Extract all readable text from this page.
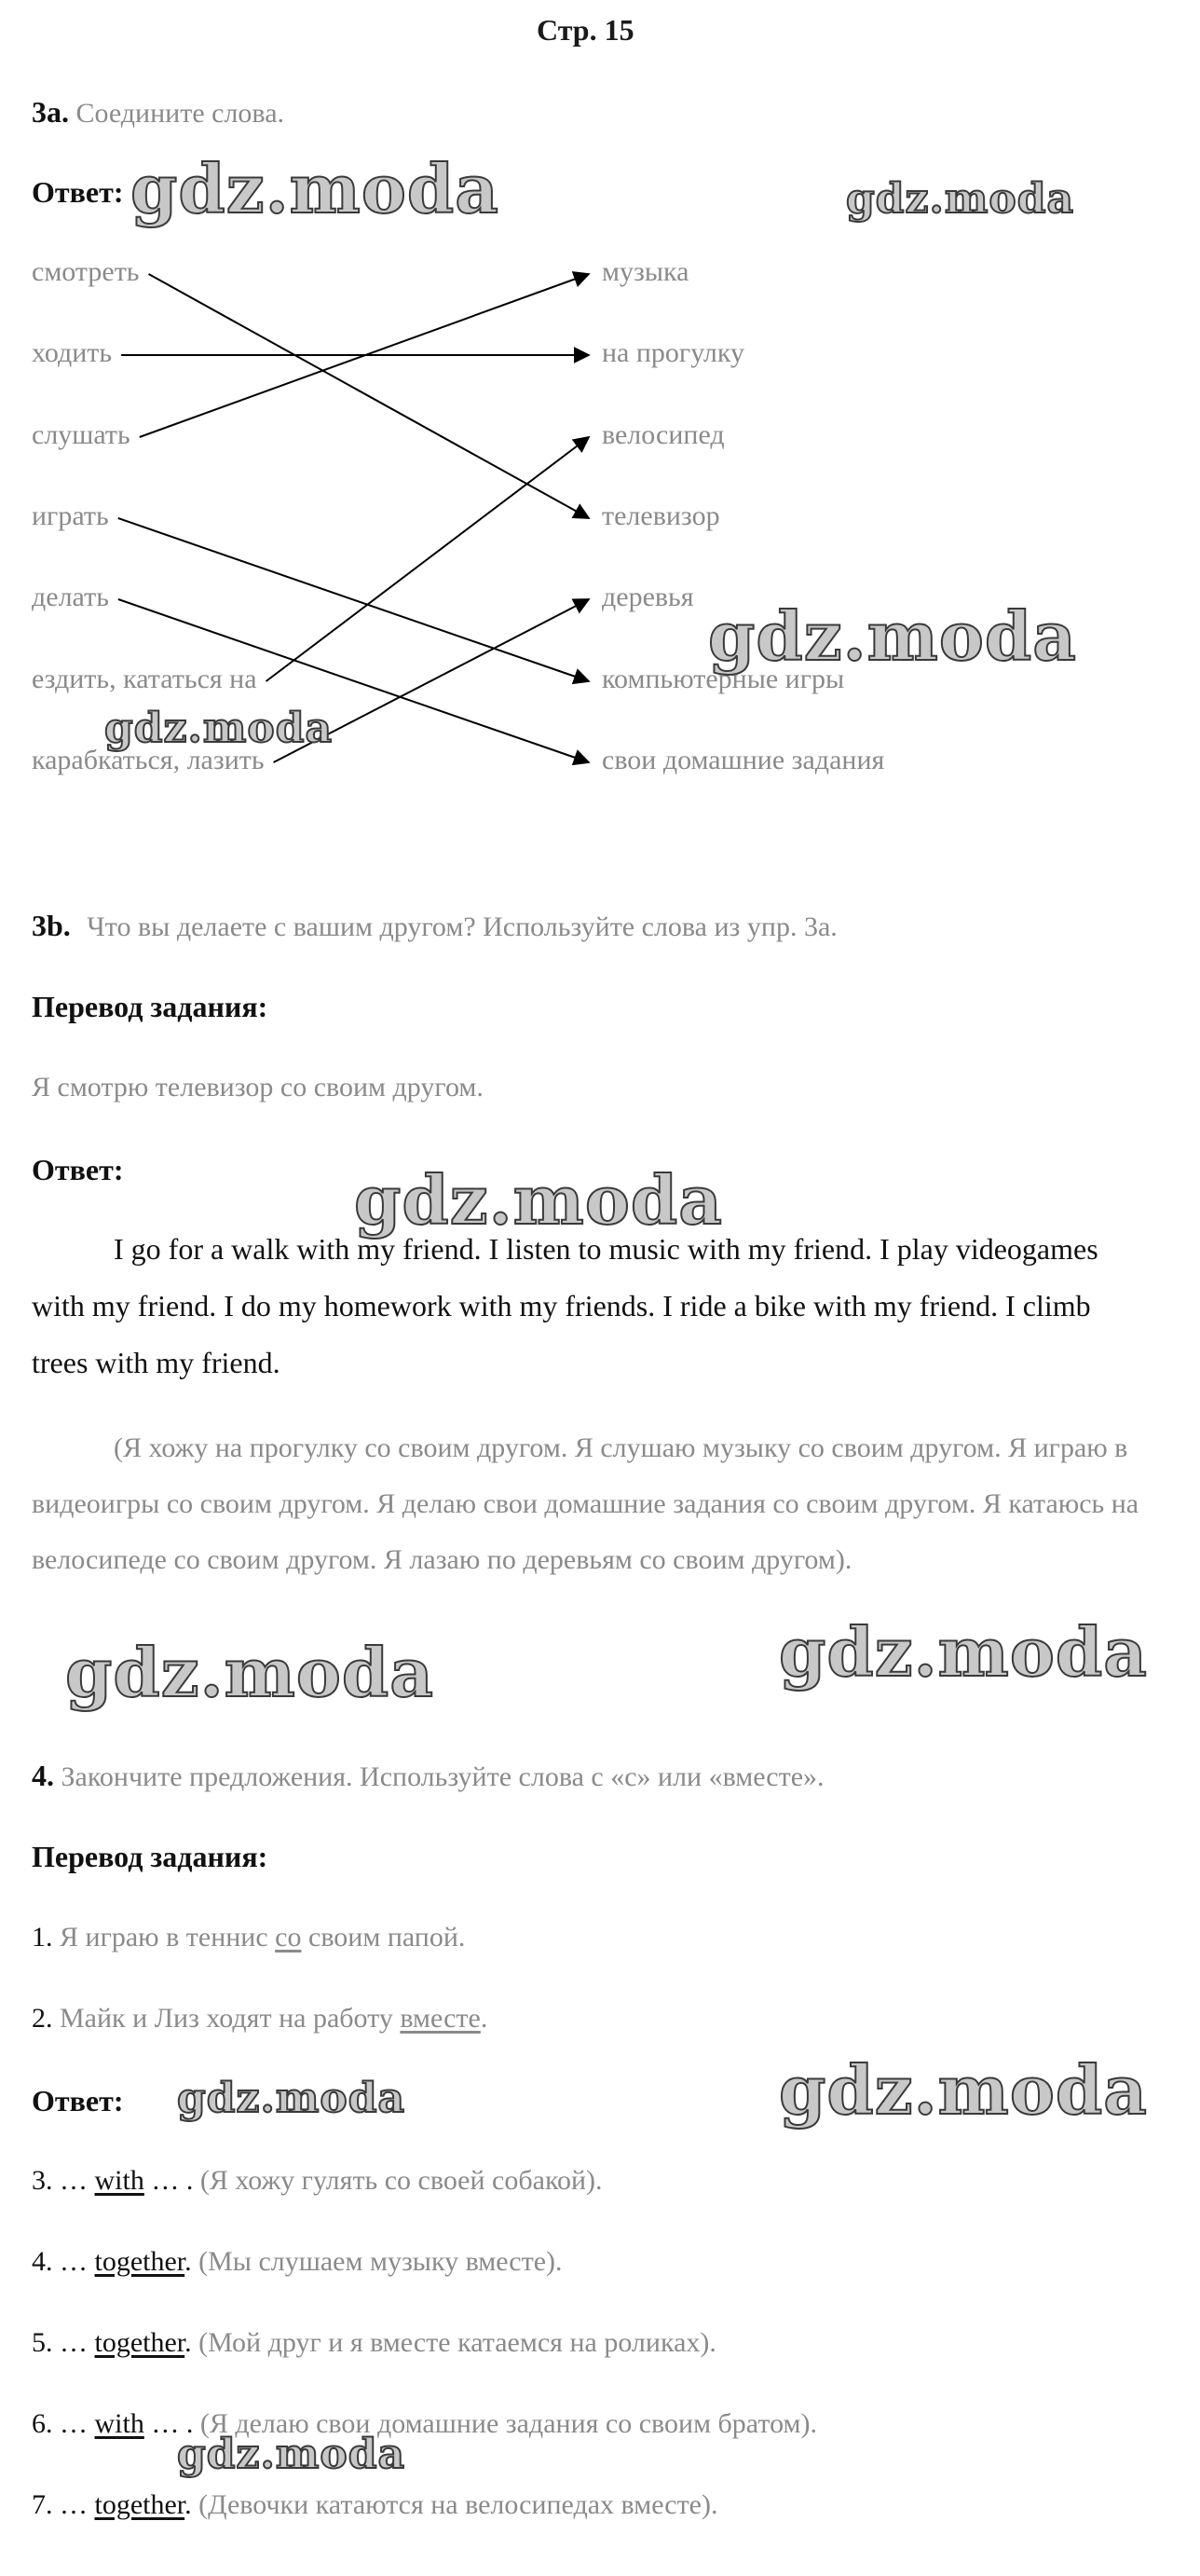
Стр. 15
3a. Соедините слова.
Ответ:
смотреть
ходить
слушать
играть
делать
ездить, кататься на
карабкаться, лазить
музыка
на прогулку
велосипед
телевизор
деревья
компьютерные игры
свои домашние задания
3b. Что вы делаете с вашим другом? Используйте слова из упр. 3а.
Перевод задания:
Я смотрю телевизор со своим другом.
Ответ:
I go for a walk with my friend. I listen to music with my friend. I play videogames with my friend. I do my homework with my friends. I ride a bike with my friend. I climb trees with my friend.
(Я хожу на прогулку со своим другом. Я слушаю музыку со своим другом. Я играю в видеоигры со своим другом. Я делаю свои домашние задания со своим другом. Я катаюсь на велосипеде со своим другом. Я лазаю по деревьям со своим другом).
4. Закончите предложения. Используйте слова с «с» или «вместе».
Перевод задания:
1. Я играю в теннис со своим папой.
2. Майк и Лиз ходят на работу вместе.
Ответ:
3. … with … . (Я хожу гулять со своей собакой).
4. … together. (Мы слушаем музыку вместе).
5. … together. (Мой друг и я вместе катаемся на роликах).
6. … with … . (Я делаю свои домашние задания со своим братом).
7. … together. (Девочки катаются на велосипедах вместе).
gdz.moda	gdz.moda
gdz.moda
gdz.moda
gdz.moda
gdz.moda	gdz.moda
gdz.moda	gdz.moda
gdz.moda
